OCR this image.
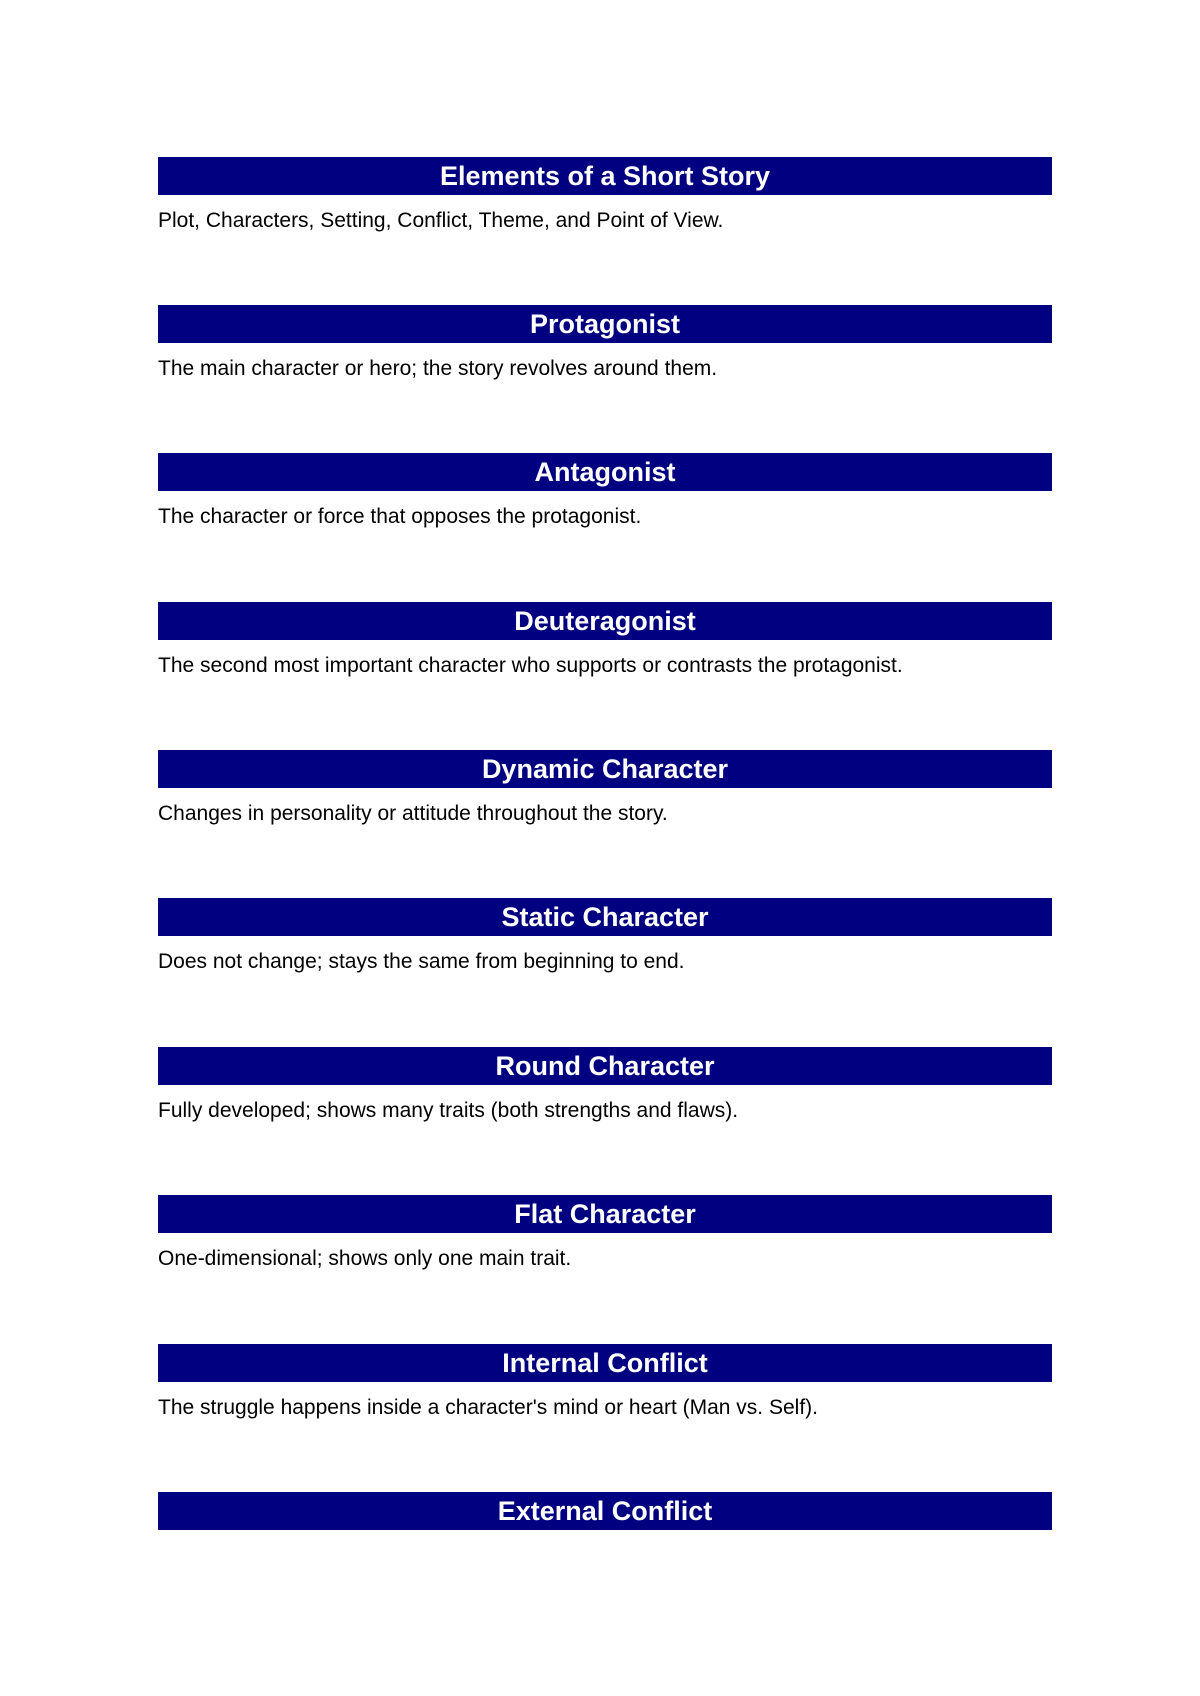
Elements of a Short Story
Plot, Characters, Setting, Conflict, Theme, and Point of View.
Protagonist
The main character or hero; the story revolves around them.
Antagonist
The character or force that opposes the protagonist.
Deuteragonist
The second most important character who supports or contrasts the protagonist.
Dynamic Character
Changes in personality or attitude throughout the story.
Static Character
Does not change; stays the same from beginning to end.
Round Character
Fully developed; shows many traits (both strengths and flaws).
Flat Character
One-dimensional; shows only one main trait.
Internal Conflict
The struggle happens inside a character's mind or heart (Man vs. Self).
External Conflict
